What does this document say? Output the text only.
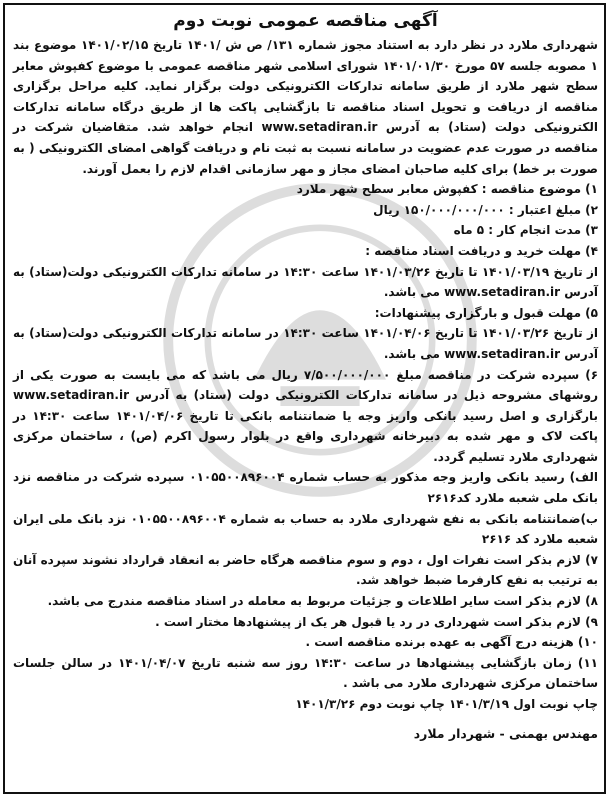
آگهی مناقصه عمومی نوبت دوم

شهرداری ملارد در نظر دارد به استناد مجوز شماره ۱۳۱/ ص ش /۱۴۰۱ تاریخ ۱۴۰۱/۰۲/۱۵ موضوع بند ۱ مصوبه جلسه ۵۷ مورخ ۱۴۰۱/۰۱/۳۰ شورای اسلامی شهر مناقصه عمومی با موضوع کفپوش معابر سطح شهر ملارد از طریق سامانه تدارکات الکترونیکی دولت برگزار نماید. کلیه مراحل برگزاری مناقصه از دریافت و تحویل اسناد مناقصه تا بازگشایی پاکت ها از طریق درگاه سامانه تدارکات الکترونیکی دولت (ستاد) به آدرس www.setadiran.ir انجام خواهد شد. متقاضیان شرکت در مناقصه در صورت عدم عضویت در سامانه نسبت به ثبت نام و دریافت گواهی امضای الکترونیکی ( به صورت بر خط) برای کلیه صاحبان امضای مجاز و مهر سازمانی اقدام لازم را بعمل آورند.

۱) موضوع مناقصه : کفپوش معابر سطح شهر ملارد

۲) مبلغ اعتبار : ۱۵۰/۰۰۰/۰۰۰/۰۰۰ ریال

۳) مدت انجام کار : ۵ ماه

۴) مهلت خرید و دریافت اسناد مناقصه :

از تاریخ ۱۴۰۱/۰۳/۱۹ تا تاریخ ۱۴۰۱/۰۳/۲۶ ساعت ۱۴:۳۰ در سامانه تدارکات الکترونیکی دولت(ستاد) به آدرس www.setadiran.ir می باشد.

۵) مهلت قبول و بارگزاری پیشنهادات:

از تاریخ ۱۴۰۱/۰۳/۲۶ تا تاریخ ۱۴۰۱/۰۴/۰۶ ساعت ۱۴:۳۰ در سامانه تدارکات الکترونیکی دولت(ستاد) به آدرس www.setadiran.ir می باشد.

۶) سپرده شرکت در مناقصه مبلغ ۷/۵۰۰/۰۰۰/۰۰۰ ریال می باشد که می بایست به صورت یکی از روشهای مشروحه ذیل در سامانه تدارکات الکترونیکی دولت (ستاد) به آدرس www.setadiran.ir بارگزاری و اصل رسید بانکی واریز وجه یا ضمانتنامه بانکی تا تاریخ ۱۴۰۱/۰۴/۰۶ ساعت ۱۴:۳۰ در پاکت لاک و مهر شده به دبیرخانه شهرداری واقع در بلوار رسول اکرم (ص) ، ساختمان مرکزی شهرداری ملارد تسلیم گردد.

الف) رسید بانکی واریز وجه مذکور به حساب شماره ۰۱۰۵۵۰۰۸۹۶۰۰۴ سپرده شرکت در مناقصه نزد بانک ملی شعبه ملارد کد۲۶۱۶

ب)ضمانتنامه بانکی به نفع شهرداری ملارد به حساب به شماره ۰۱۰۵۵۰۰۸۹۶۰۰۴ نزد بانک ملی ایران شعبه ملارد کد ۲۶۱۶

۷) لازم بذکر است نفرات اول ، دوم و سوم مناقصه هرگاه حاضر به انعقاد قرارداد نشوند سپرده آنان به ترتیب به نفع کارفرما ضبط خواهد شد.

۸) لازم بذکر است سایر اطلاعات و جزئیات مربوط به معامله در اسناد مناقصه مندرج می باشد.

۹) لازم بذکر است شهرداری در رد یا قبول هر یک از پیشنهادها مختار است .

۱۰) هزینه درج آگهی به عهده برنده مناقصه است .

۱۱) زمان بازگشایی پیشنهادها در ساعت ۱۴:۳۰ روز سه شنبه تاریخ ۱۴۰۱/۰۴/۰۷ در سالن جلسات ساختمان مرکزی شهرداری ملارد می باشد .

چاپ نوبت اول ۱۴۰۱/۳/۱۹ چاپ نوبت دوم ۱۴۰۱/۳/۲۶

مهندس بهمنی - شهردار ملارد
